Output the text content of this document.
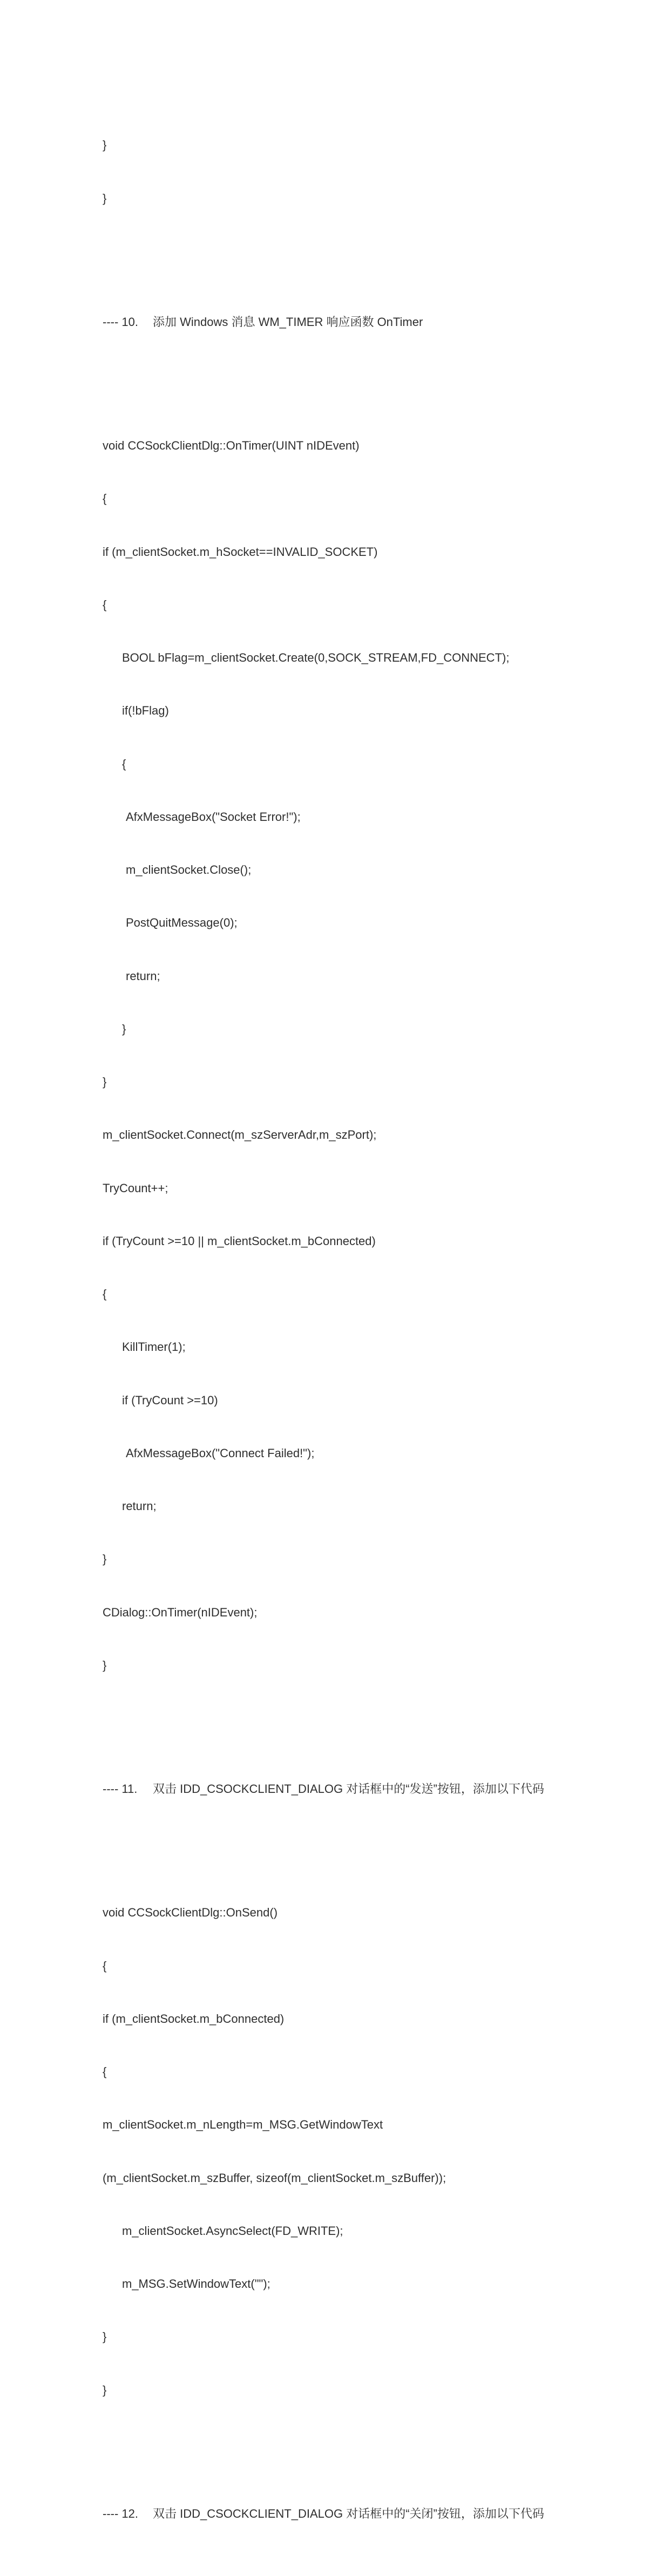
}

}

---- 10. 添加 Windows 消息 WM_TIMER 响应函数 OnTimer

void CCSockClientDlg::OnTimer(UINT nIDEvent)

{

if (m_clientSocket.m_hSocket==INVALID_SOCKET)

{

BOOL bFlag=m_clientSocket.Create(0,SOCK_STREAM,FD_CONNECT);

if(!bFlag)

{

AfxMessageBox("Socket Error!");

m_clientSocket.Close();

PostQuitMessage(0);

return;

}

}

m_clientSocket.Connect(m_szServerAdr,m_szPort);

TryCount++;

if (TryCount >=10 || m_clientSocket.m_bConnected)

{

KillTimer(1);

if (TryCount >=10)

AfxMessageBox("Connect Failed!");

return;

}

CDialog::OnTimer(nIDEvent);

}

---- 11. 双击 IDD_CSOCKCLIENT_DIALOG 对话框中的“发送”按钮，添加以下代码

void CCSockClientDlg::OnSend()

{

if (m_clientSocket.m_bConnected)

{

m_clientSocket.m_nLength=m_MSG.GetWindowText

(m_clientSocket.m_szBuffer, sizeof(m_clientSocket.m_szBuffer));

m_clientSocket.AsyncSelect(FD_WRITE);

m_MSG.SetWindowText("");

}

}

---- 12. 双击 IDD_CSOCKCLIENT_DIALOG 对话框中的“关闭”按钮，添加以下代码
